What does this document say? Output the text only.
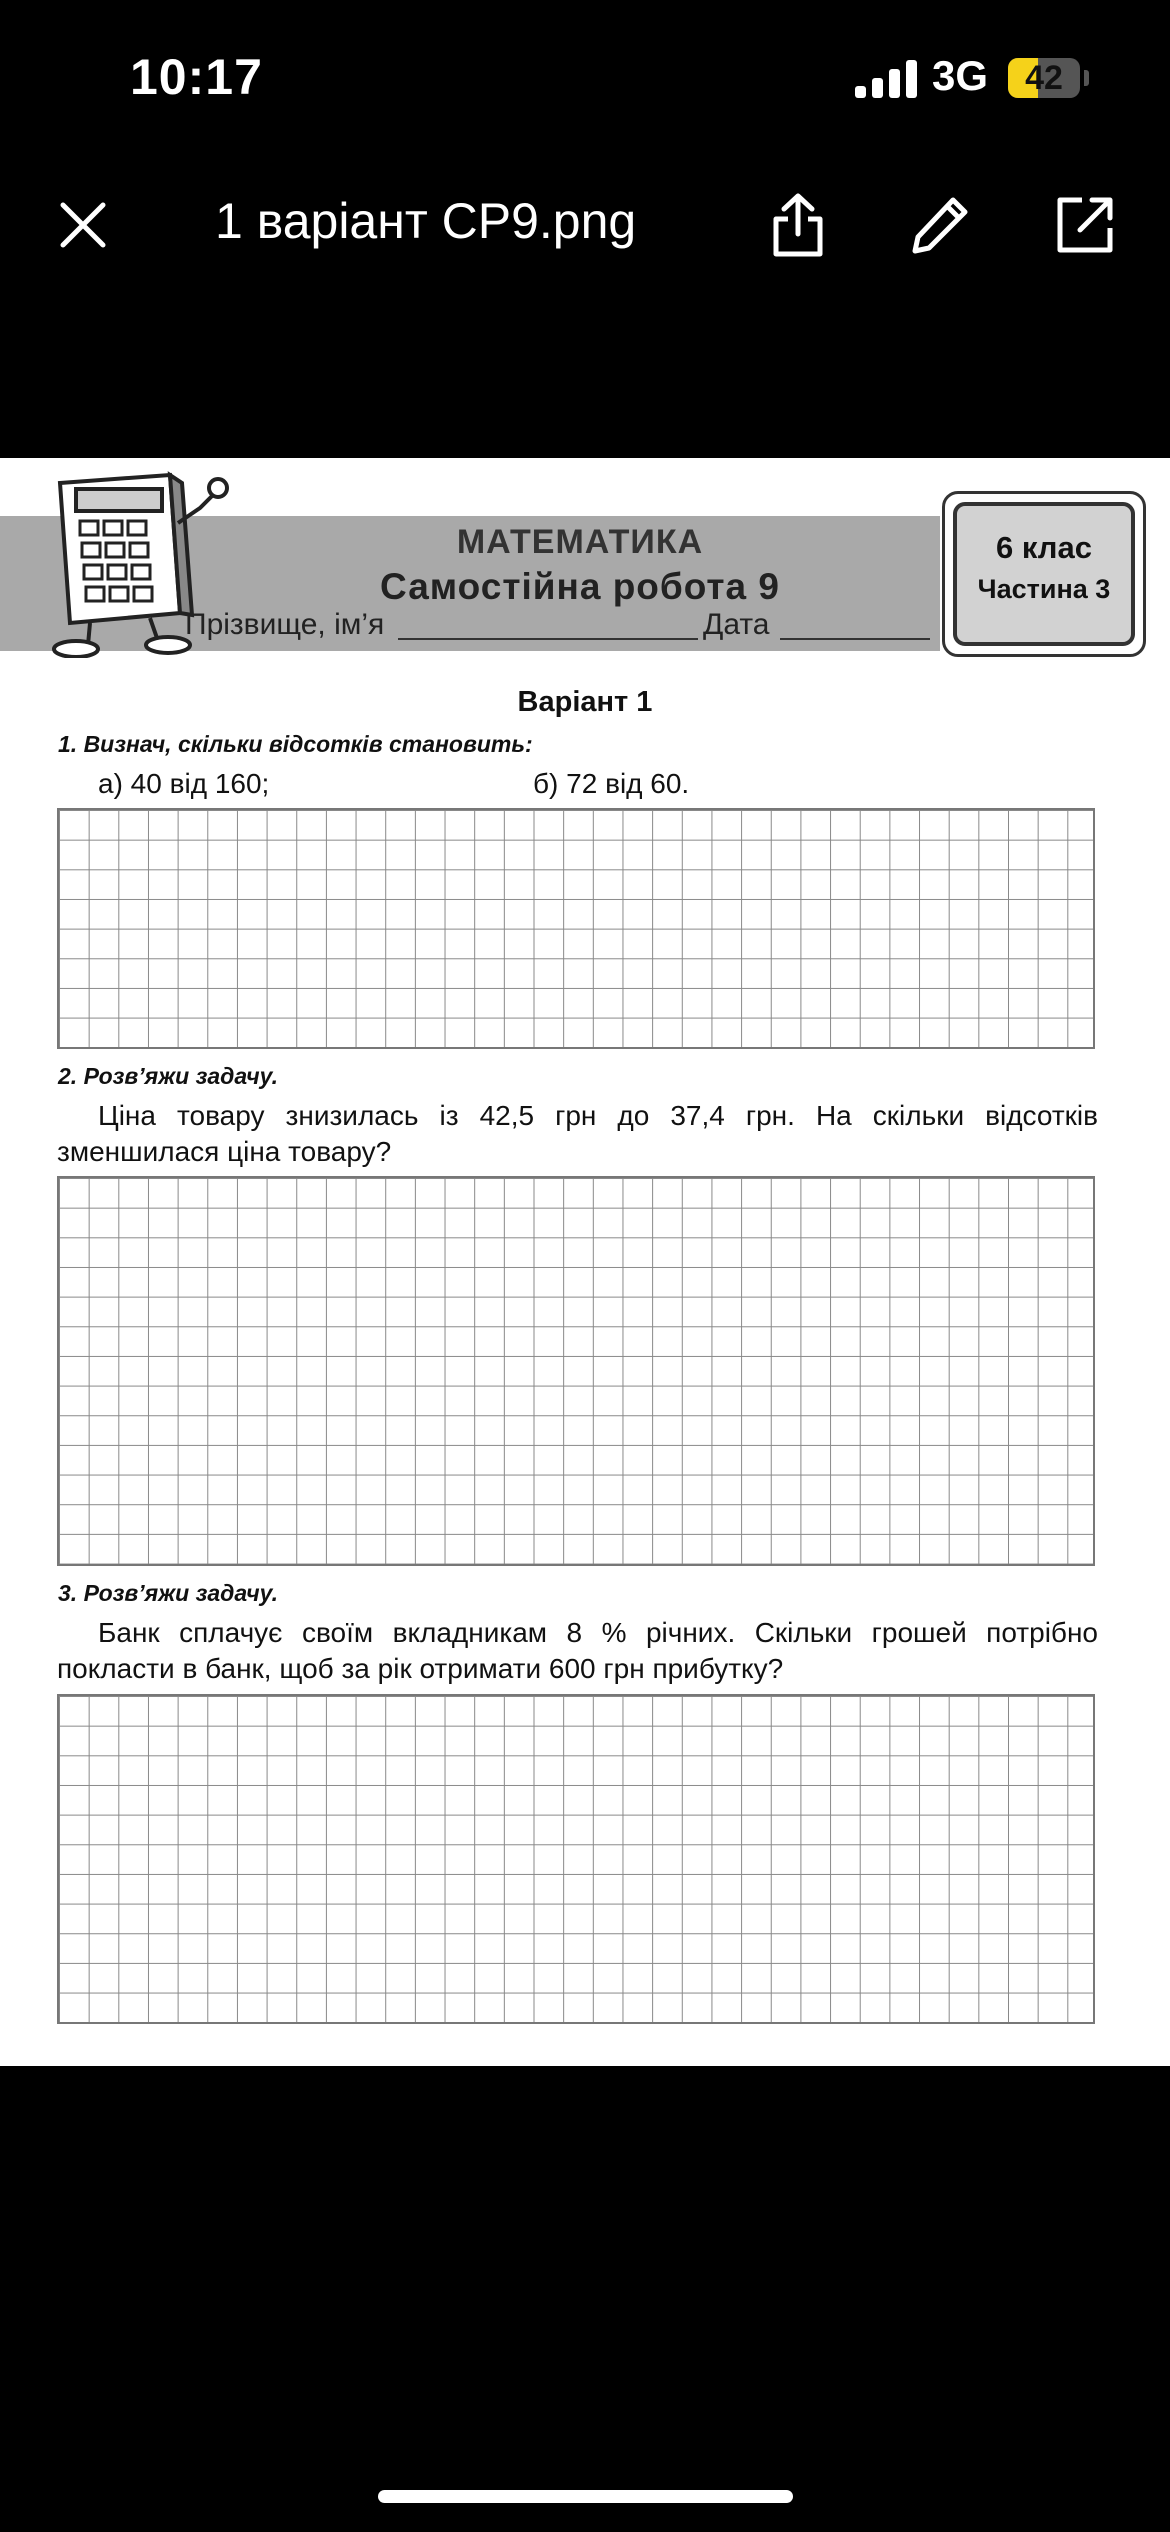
10:17	3G	42
1 варіант СР9.png
МАТЕМАТИКА
Самостійна робота 9
Прізвище, ім’я	Дата
6 клас
Частина 3
Варіант 1
1. Визнач, скільки відсотків становить:
а) 40 від 160;	б) 72 від 60.
2. Розв’яжи задачу.
Ціна товару знизилась із 42,5 грн до 37,4 грн. На скільки відсотків
зменшилася ціна товару?
3. Розв’яжи задачу.
Банк сплачує своїм вкладникам 8 % річних. Скільки грошей потрібно
покласти в банк, щоб за рік отримати 600 грн прибутку?
